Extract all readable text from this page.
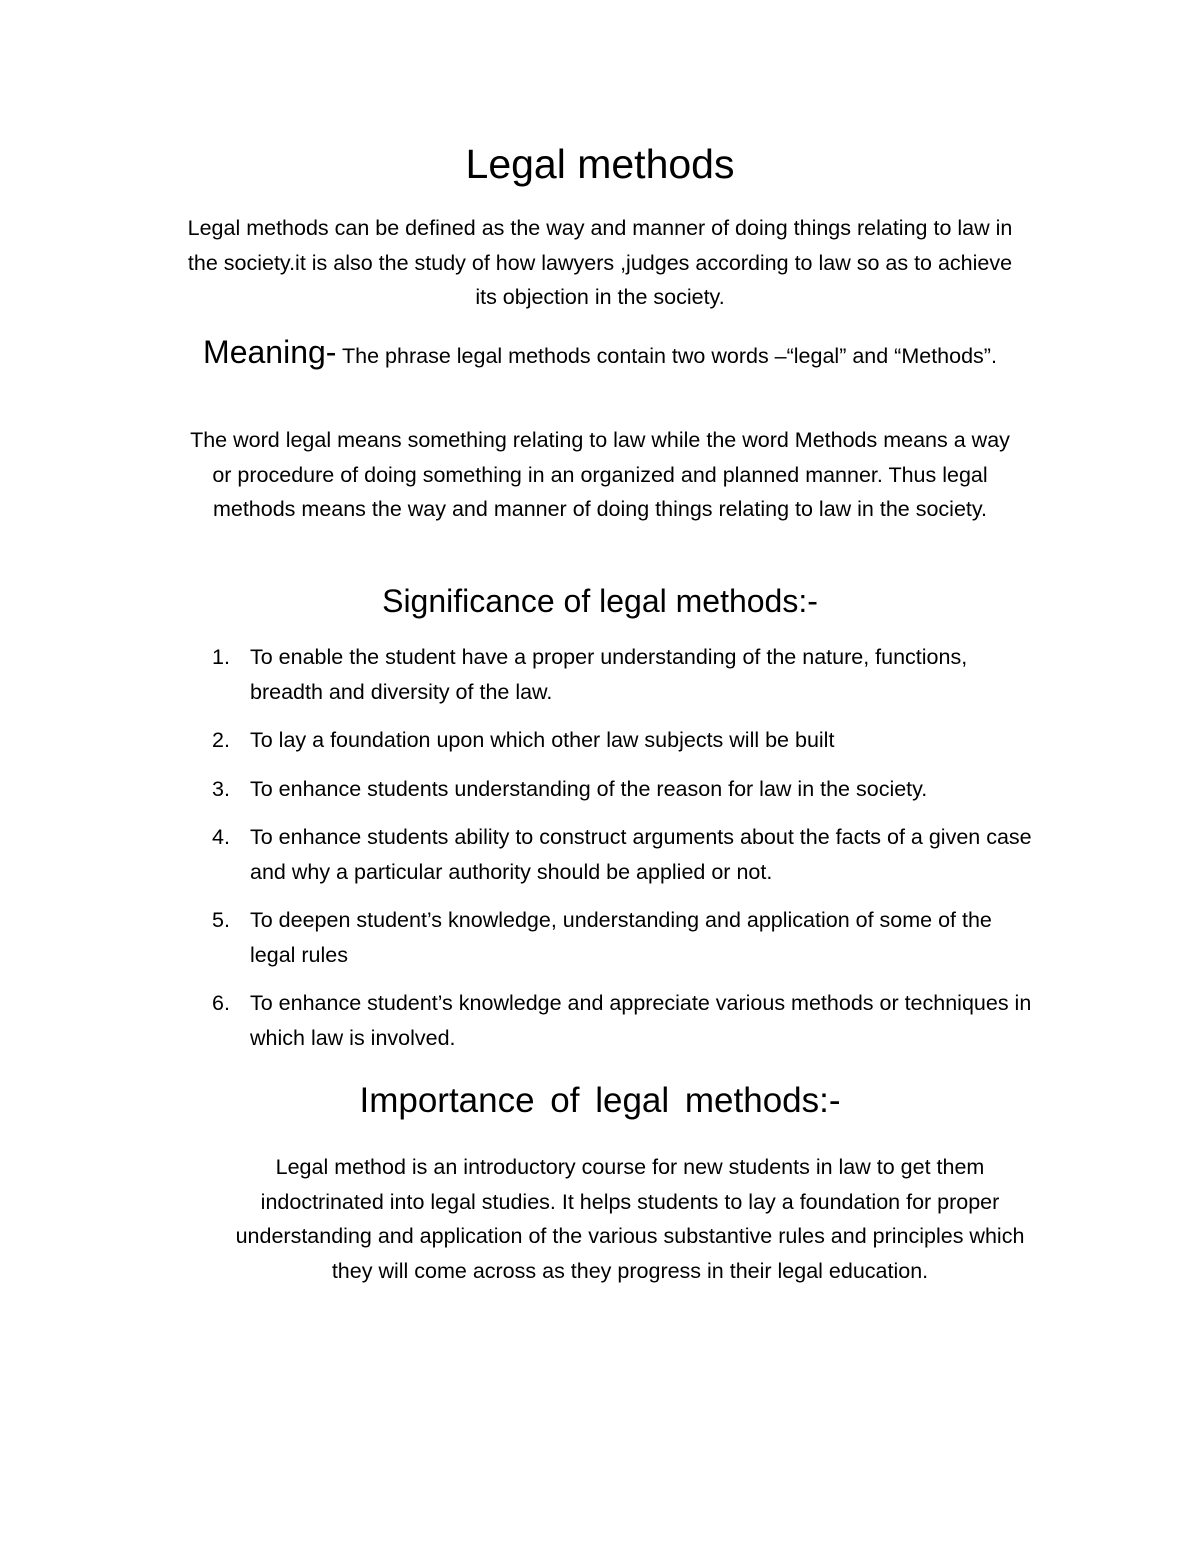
Legal methods

Legal methods can be defined as the way and manner of doing things relating to law in the society.it is also the study of how lawyers ,judges according to law so as to achieve its objection in the society.

Meaning- The phrase legal methods contain two words –“legal” and “Methods”.

The word legal means something relating to law while the word Methods means a way or procedure of doing something in an organized and planned manner. Thus legal methods means the way and manner of doing things relating to law in the society.

Significance of legal methods:-
1. To enable the student have a proper understanding of the nature, functions, breadth and diversity of the law.
2. To lay a foundation upon which other law subjects will be built
3. To enhance students understanding of the reason for law in the society.
4. To enhance students ability to construct arguments about the facts of a given case and why a particular authority should be applied or not.
5. To deepen student’s knowledge, understanding and application of some of the legal rules
6. To enhance student’s knowledge and appreciate various methods or techniques in which law is involved.
Importance of legal methods:-

Legal method is an introductory course for new students in law to get them indoctrinated into legal studies. It helps students to lay a foundation for proper understanding and application of the various substantive rules and principles which they will come across as they progress in their legal education.
